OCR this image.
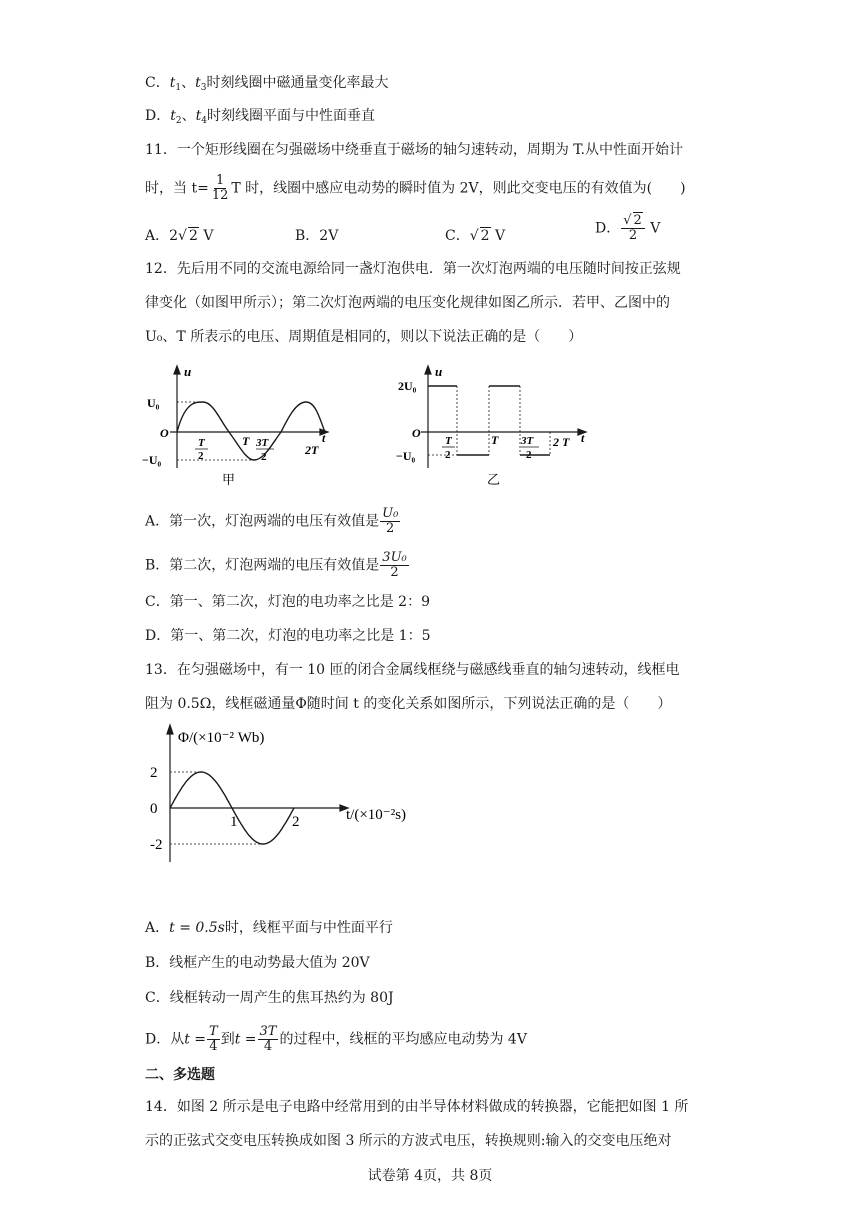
C．$t_1$、$t_3$时刻线圈中磁通量变化率最大
D．$t_2$、$t_4$时刻线圈平面与中性面垂直
11．一个矩形线圈在匀强磁场中绕垂直于磁场的轴匀速转动，周期为 T.从中性面开始计
时，当 $t= \frac{1}{12}$ T 时，线圈中感应电动势的瞬时值为 2V，则此交变电压的有效值为(　　)
A．2√ 2 V	B．2V	C．√ 2 V	D． $\frac{√ 2}{2}$ V
12．先后用不同的交流电源给同一盏灯泡供电．第一次灯泡两端的电压随时间按正弦规
律变化（如图甲所示）；第二次灯泡两端的电压变化规律如图乙所示．若甲、乙图中的
U₀、T 所表示的电压、周期值是相同的，则以下说法正确的是（　　）
u
U₀
O
−U₀
T
2
T 3T
2	2T
t
甲
u
2U₀
O
−U₀
T
2
T 3T
2
2 T t
乙
A．第一次，灯泡两端的电压有效值是 $\frac{\text{U₀}}{2}$
B．第二次，灯泡两端的电压有效值是 $\frac{\text{3U₀}}{2}$
C．第一、第二次，灯泡的电功率之比是 2：9
D．第一、第二次，灯泡的电功率之比是 1：5
13．在匀强磁场中，有一 10 匝的闭合金属线框绕与磁感线垂直的轴匀速转动，线框电
阻为 0.5Ω，线框磁通量Φ随时间 t 的变化关系如图所示，下列说法正确的是（　　）
Φ/(×10⁻² Wb)
t/(×10⁻²s)
2
0
-2
1	2
A．t = 0.5s时，线框平面与中性面平行
B．线框产生的电动势最大值为 20V
C．线框转动一周产生的焦耳热约为 80J
D．从$t = \frac{T}{4}$ 到$t = \frac{3T}{4}$ 的过程中，线框的平均感应电动势为 4V
二、多选题
14．如图 2 所示是电子电路中经常用到的由半导体材料做成的转换器，它能把如图 1 所
示的正弦式交变电压转换成如图 3 所示的方波式电压，转换规则:输入的交变电压绝对
试卷第 4页，共 8页
